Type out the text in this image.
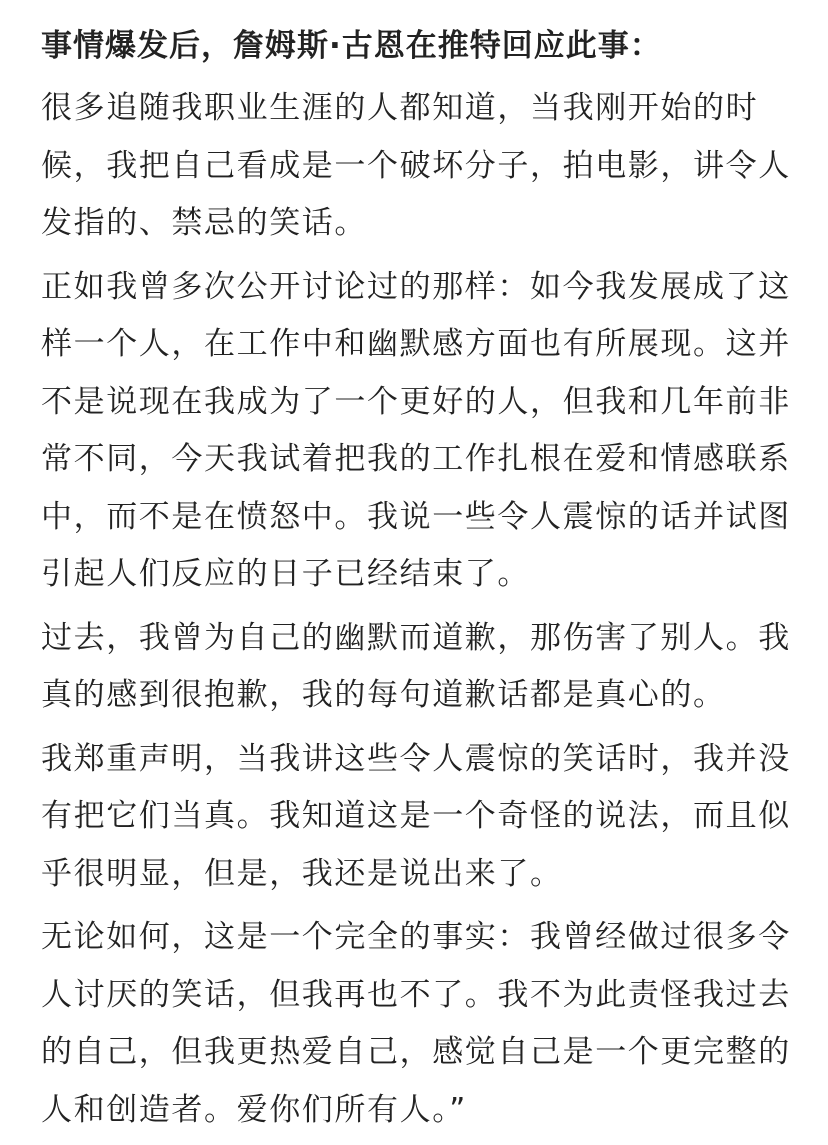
事情爆发后，詹姆斯·古恩在推特回应此事：
很多追随我职业生涯的人都知道，当我刚开始的时
候，我把自己看成是一个破坏分子，拍电影，讲令人
发指的、禁忌的笑话。
正如我曾多次公开讨论过的那样：如今我发展成了这
样一个人，在工作中和幽默感方面也有所展现。这并
不是说现在我成为了一个更好的人，但我和几年前非
常不同，今天我试着把我的工作扎根在爱和情感联系
中，而不是在愤怒中。我说一些令人震惊的话并试图
引起人们反应的日子已经结束了。
过去，我曾为自己的幽默而道歉，那伤害了别人。我
真的感到很抱歉，我的每句道歉话都是真心的。
我郑重声明，当我讲这些令人震惊的笑话时，我并没
有把它们当真。我知道这是一个奇怪的说法，而且似
乎很明显，但是，我还是说出来了。
无论如何，这是一个完全的事实：我曾经做过很多令
人讨厌的笑话，但我再也不了。我不为此责怪我过去
的自己，但我更热爱自己，感觉自己是一个更完整的
人和创造者。爱你们所有人。”
